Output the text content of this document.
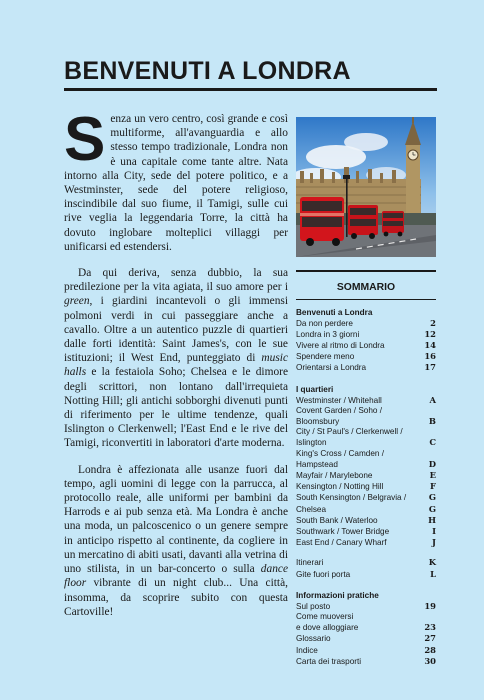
BENVENUTI A LONDRA

Senza un vero centro, così grande e così multiforme, all'avanguardia e allo stesso tempo tradizionale, Londra non è una capitale come tante altre. Nata intorno alla City, sede del potere politico, e a Westminster, sede del potere religioso, inscindibile dal suo fiume, il Tamigi, sulle cui rive veglia la leggendaria Torre, la città ha dovuto inglobare molteplici villaggi per unificarsi ed estendersi.

Da qui deriva, senza dubbio, la sua predilezione per la vita agiata, il suo amore per i green, i giardini incantevoli o gli immensi polmoni verdi in cui passeggiare anche a cavallo. Oltre a un autentico puzzle di quartieri dalle forti identità: Saint James's, con le sue istituzioni; il West End, punteggiato di music halls e la festaiola Soho; Chelsea e le dimore degli scrittori, non lontano dall'irrequieta Notting Hill; gli antichi sobborghi divenuti punti di riferimento per le ultime tendenze, quali Islington o Clerkenwell; l'East End e le rive del Tamigi, riconvertiti in laboratori d'arte moderna.

Londra è affezionata alle usanze fuori dal tempo, agli uomini di legge con la parrucca, al protocollo reale, alle uniformi per bambini da Harrods e ai pub senza età. Ma Londra è anche una moda, un palcoscenico o un genere sempre in anticipo rispetto al continente, da cogliere in un mercatino di abiti usati, davanti alla vetrina di uno stilista, in un bar-concerto o sulla dance floor vibrante di un night club... Una città, insomma, da scoprire subito con questa Cartoville!

SOMMARIO
Benvenuti a Londra
Da non perdere	2
Londra in 3 giorni	12
Vivere al ritmo di Londra	14
Spendere meno	16
Orientarsi a Londra	17
I quartieri
Westminster / Whitehall	A
Covent Garden / Soho /
Bloomsbury	B
City / St Paul's / Clerkenwell /
Islington	C
King's Cross / Camden /
Hampstead	D
Mayfair / Marylebone	E
Kensington / Notting Hill	F
South Kensington / Belgravia /	G
Chelsea	G
South Bank / Waterloo	H
Southwark / Tower Bridge	I
East End / Canary Wharf	J
Itinerari	K
Gite fuori porta	L
Informazioni pratiche
Sul posto	19
Come muoversi
e dove alloggiare	23
Glossario	27
Indice	28
Carta dei trasporti	30
